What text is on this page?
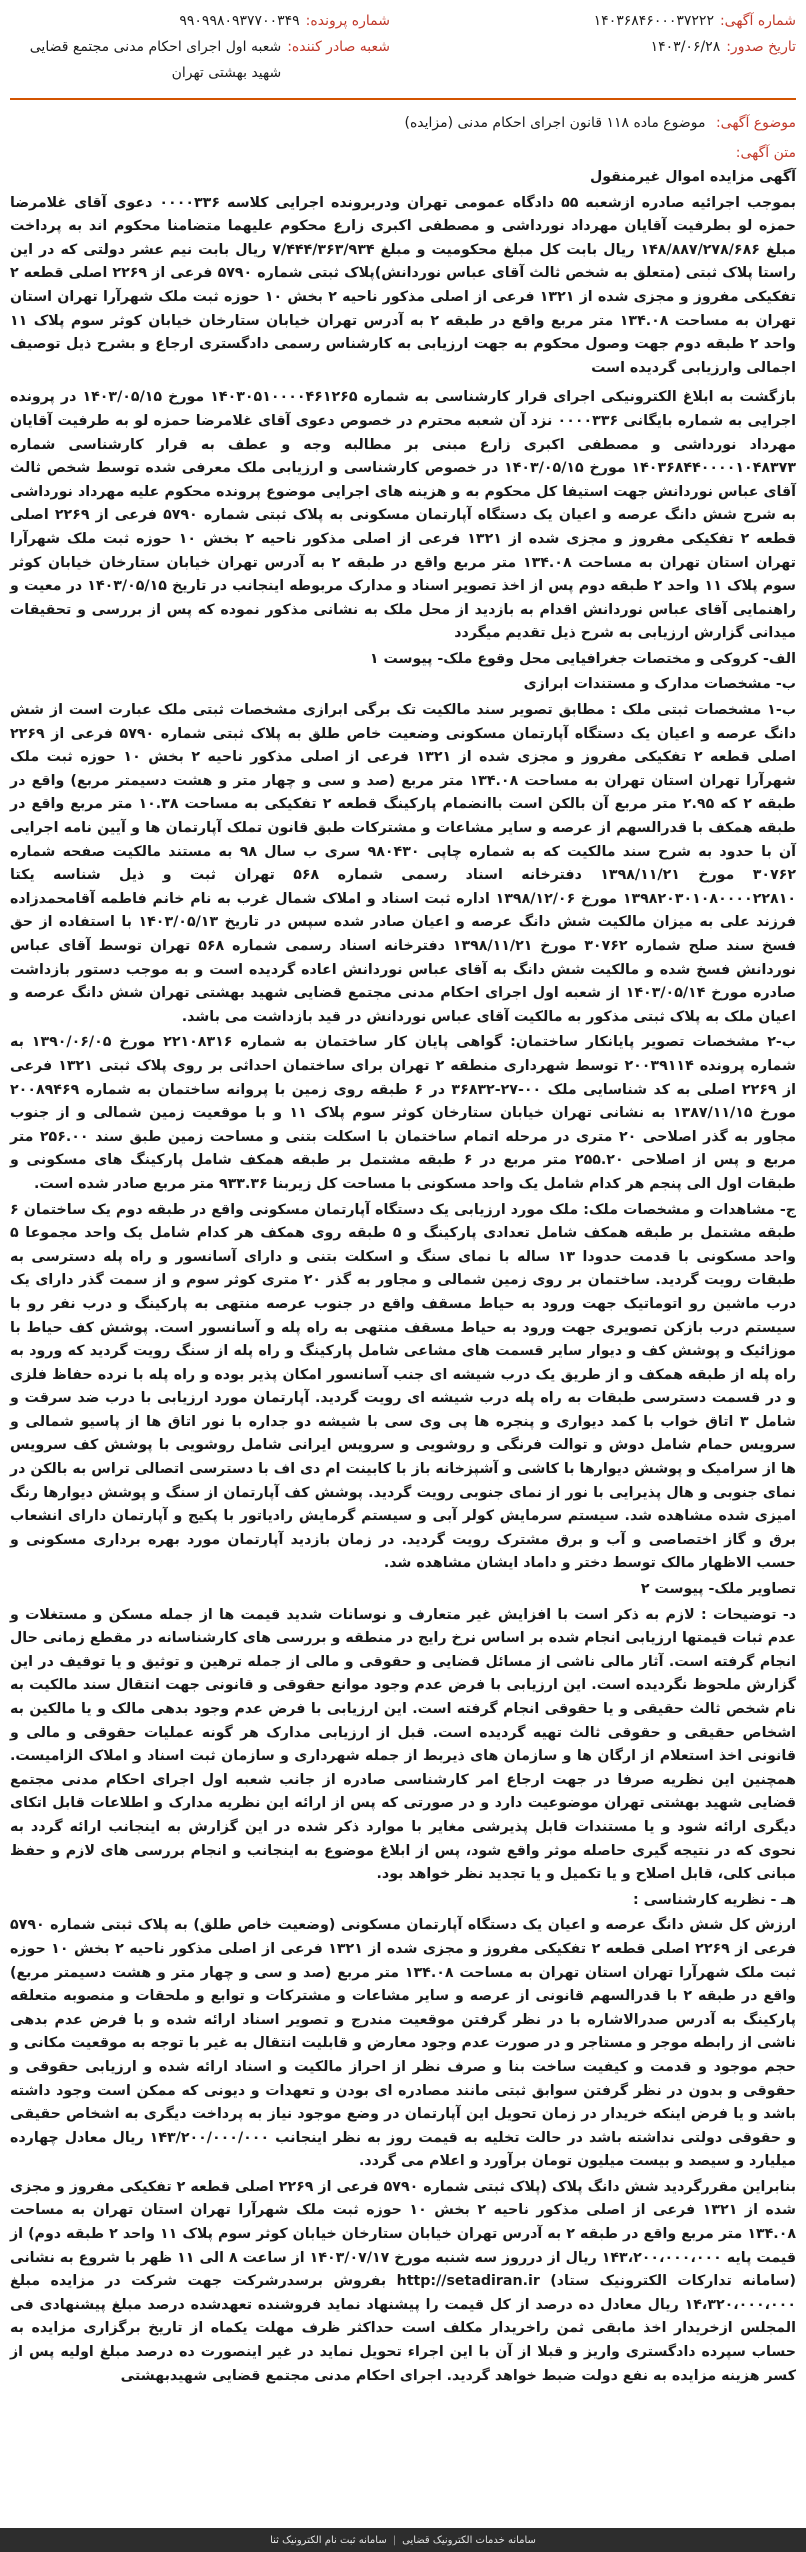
شماره آگهی:
۱۴۰۳۶۸۴۶۰۰۰۳۷۲۲۲
تاریخ صدور:
۱۴۰۳/۰۶/۲۸
شماره پرونده:
۹۹۰۹۹۸۰۹۳۷۷۰۰۳۴۹
شعبه صادر کننده:
شعبه اول اجرای احکام مدنی مجتمع قضایی شهید بهشتی تهران
موضوع آگهی: موضوع ماده ۱۱۸ قانون اجرای احکام مدنی (مزایده)
متن آگهی:

آگهی مزایده اموال غیرمنقول

بموجب اجرائیه صادره ازشعبه ۵۵ دادگاه عمومی تهران ودربرونده اجرایی کلاسه ۰۰۰۰۳۳۶ دعوی آقای غلامرضا حمزه لو بطرفیت آقایان مهرداد نورداشی و مصطفی اکبری زارع محکوم علیهما متضامنا محکوم اند به پرداخت مبلغ ۱۴۸/۸۸۷/۲۷۸/۶۸۶ ریال بابت کل مبلغ محکومیت و مبلغ ۷/۴۴۴/۳۶۳/۹۳۴ ریال بابت نیم عشر دولتی که در این راستا پلاک ثبتی (متعلق به شخص ثالث آقای عباس نوردانش)پلاک ثبتی شماره ۵۷۹۰ فرعی از ۲۲۶۹ اصلی قطعه ۲ تفکیکی مفروز و مجزی شده از ۱۳۲۱ فرعی از اصلی مذکور ناحیه ۲ بخش ۱۰ حوزه ثبت ملک شهرآرا تهران استان تهران به مساحت ۱۳۴.۰۸ متر مربع واقع در طبقه ۲ به آدرس تهران خیابان ستارخان خیابان کوثر سوم پلاک ۱۱ واحد ۲ طبقه دوم جهت وصول محکوم به جهت ارزیابی به کارشناس رسمی دادگستری ارجاع و بشرح ذیل توصیف اجمالی وارزیابی گردیده است

بازگشت به ابلاغ الکترونیکی اجرای قرار کارشناسی به شماره ۱۴۰۳۰۵۱۰۰۰۰۴۶۱۲۶۵ مورخ ۱۴۰۳/۰۵/۱۵ در پرونده اجرایی به شماره بایگانی ۰۰۰۰۳۳۶ نزد آن شعبه محترم در خصوص دعوی آقای غلامرضا حمزه لو به طرفیت آقایان مهرداد نورداشی و مصطفی اکبری زارع مبنی بر مطالبه وجه و عطف به قرار کارشناسی شماره ۱۴۰۳۶۸۴۴۰۰۰۰۱۰۴۸۳۷۳ مورخ ۱۴۰۳/۰۵/۱۵ در خصوص کارشناسی و ارزیابی ملک معرفی شده توسط شخص ثالث آقای عباس نوردانش جهت استیفا کل محکوم به و هزینه های اجرایی موضوع پرونده محکوم علیه مهرداد نورداشی به شرح شش دانگ عرصه و اعیان یک دستگاه آپارتمان مسکونی به پلاک ثبتی شماره ۵۷۹۰ فرعی از ۲۲۶۹ اصلی قطعه ۲ تفکیکی مفروز و مجزی شده از ۱۳۲۱ فرعی از اصلی مذکور ناحیه ۲ بخش ۱۰ حوزه ثبت ملک شهرآرا تهران استان تهران به مساحت ۱۳۴.۰۸ متر مربع واقع در طبقه ۲ به آدرس تهران خیابان ستارخان خیابان کوثر سوم پلاک ۱۱ واحد ۲ طبقه دوم پس از اخذ تصویر اسناد و مدارک مربوطه اینجانب در تاریخ ۱۴۰۳/۰۵/۱۵ در معیت و راهنمایی آقای عباس نوردانش اقدام به بازدید از محل ملک به نشانی مذکور نموده که پس از بررسی و تحقیقات میدانی گزارش ارزیابی به شرح ذیل تقدیم میگردد

الف- کروکی و مختصات جغرافیایی محل وقوع ملک- پیوست ۱

ب- مشخصات مدارک و مستندات ابرازی

ب-۱ مشخصات ثبتی ملک : مطابق تصویر سند مالکیت تک برگی ابرازی مشخصات ثبتی ملک عبارت است از شش دانگ عرصه و اعیان یک دستگاه آپارتمان مسکونی وضعیت خاص طلق به پلاک ثبتی شماره ۵۷۹۰ فرعی از ۲۲۶۹ اصلی قطعه ۲ تفکیکی مفروز و مجزی شده از ۱۳۲۱ فرعی از اصلی مذکور ناحیه ۲ بخش ۱۰ حوزه ثبت ملک شهرآرا تهران استان تهران به مساحت ۱۳۴.۰۸ متر مربع (صد و سی و چهار متر و هشت دسیمتر مربع) واقع در طبقه ۲ که ۲.۹۵ متر مربع آن بالکن است باانضمام پارکینگ قطعه ۲ تفکیکی به مساحت ۱۰.۳۸ متر مربع واقع در طبقه همکف با قدرالسهم از عرصه و سایر مشاعات و مشترکات طبق قانون تملک آپارتمان ها و آیین نامه اجرایی آن با حدود به شرح سند مالکیت که به شماره چاپی ۹۸۰۴۳۰ سری ب سال ۹۸ به مستند مالکیت صفحه شماره ۳۰۷۶۲ مورخ ۱۳۹۸/۱۱/۲۱ دفترخانه اسناد رسمی شماره ۵۶۸ تهران ثبت و ذیل شناسه یکتا ۱۳۹۸۲۰۳۰۱۰۸۰۰۰۰۲۲۸۱۰ مورخ ۱۳۹۸/۱۲/۰۶ اداره ثبت اسناد و املاک شمال غرب به نام خانم فاطمه آقامحمدزاده فرزند علی به میزان مالکیت شش دانگ عرصه و اعیان صادر شده سپس در تاریخ ۱۴۰۳/۰۵/۱۳ با استفاده از حق فسخ سند صلح شماره ۳۰۷۶۲ مورخ ۱۳۹۸/۱۱/۲۱ دفترخانه اسناد رسمی شماره ۵۶۸ تهران توسط آقای عباس نوردانش فسخ شده و مالکیت شش دانگ به آقای عباس نوردانش اعاده گردیده است و به موجب دستور بازداشت صادره مورخ ۱۴۰۳/۰۵/۱۴ از شعبه اول اجرای احکام مدنی مجتمع قضایی شهید بهشتی تهران شش دانگ عرصه و اعیان ملک به پلاک ثبتی مذکور به مالکیت آقای عباس نوردانش در قید بازداشت می باشد.

ب-۲ مشخصات تصویر پایانکار ساختمان: گواهی پایان کار ساختمان به شماره ۲۲۱۰۸۳۱۶ مورخ ۱۳۹۰/۰۶/۰۵ به شماره پرونده ۲۰۰۳۹۱۱۴ توسط شهرداری منطقه ۲ تهران برای ساختمان احداثی بر روی پلاک ثبتی ۱۳۲۱ فرعی از ۲۲۶۹ اصلی به کد شناسایی ملک ۰۰-۲۷-۳۶۸۳۲ در ۶ طبقه روی زمین با پروانه ساختمان به شماره ۲۰۰۸۹۴۶۹ مورخ ۱۳۸۷/۱۱/۱۵ به نشانی تهران خیابان ستارخان کوثر سوم پلاک ۱۱ و با موقعیت زمین شمالی و از جنوب مجاور به گذر اصلاحی ۲۰ متری در مرحله اتمام ساختمان با اسکلت بتنی و مساحت زمین طبق سند ۲۵۶.۰۰ متر مربع و پس از اصلاحی ۲۵۵.۲۰ متر مربع در ۶ طبقه مشتمل بر طبقه همکف شامل پارکینگ های مسکونی و طبقات اول الی پنجم هر کدام شامل یک واحد مسکونی با مساحت کل زیربنا ۹۳۳.۳۶ متر مربع صادر شده است.

ج- مشاهدات و مشخصات ملک: ملک مورد ارزیابی یک دستگاه آپارتمان مسکونی واقع در طبقه دوم یک ساختمان ۶ طبقه مشتمل بر طبقه همکف شامل تعدادی پارکینگ و ۵ طبقه روی همکف هر کدام شامل یک واحد مجموعا ۵ واحد مسکونی با قدمت حدودا ۱۳ ساله با نمای سنگ و اسکلت بتنی و دارای آسانسور و راه پله دسترسی به طبقات رویت گردید. ساختمان بر روی زمین شمالی و مجاور به گذر ۲۰ متری کوثر سوم و از سمت گذر دارای یک درب ماشین رو اتوماتیک جهت ورود به حیاط مسقف واقع در جنوب عرصه منتهی به پارکینگ و درب نفر رو با سیستم درب بازکن تصویری جهت ورود به حیاط مسقف منتهی به راه پله و آسانسور است. پوشش کف حیاط با موزائیک و پوشش کف و دیوار سایر قسمت های مشاعی شامل پارکینگ و راه پله از سنگ رویت گردید که ورود به راه پله از طبقه همکف و از طریق یک درب شیشه ای جنب آسانسور امکان پذیر بوده و راه پله با نرده حفاظ فلزی و در قسمت دسترسی طبقات به راه پله درب شیشه ای رویت گردید. آپارتمان مورد ارزیابی با درب ضد سرقت و شامل ۳ اتاق خواب با کمد دیواری و پنجره ها پی وی سی با شیشه دو جداره با نور اتاق ها از پاسیو شمالی و سرویس حمام شامل دوش و توالت فرنگی و روشویی و سرویس ایرانی شامل روشویی با پوشش کف سرویس ها از سرامیک و پوشش دیوارها با کاشی و آشپزخانه باز با کابینت ام دی اف با دسترسی اتصالی تراس به بالکن در نمای جنوبی و هال پذیرایی با نور از نمای جنوبی رویت گردید. پوشش کف آپارتمان از سنگ و پوشش دیوارها رنگ امیزی شده مشاهده شد. سیستم سرمایش کولر آبی و سیستم گرمایش رادیاتور با پکیج و آپارتمان دارای انشعاب برق و گاز اختصاصی و آب و برق مشترک رویت گردید. در زمان بازدید آپارتمان مورد بهره برداری مسکونی و حسب الاظهار مالک توسط دختر و داماد ایشان مشاهده شد.

تصاویر ملک- پیوست ۲

د- توضیحات : لازم به ذکر است با افزایش غیر متعارف و نوسانات شدید قیمت ها از جمله مسکن و مستغلات و عدم ثبات قیمتها ارزیابی انجام شده بر اساس نرخ رایج در منطقه و بررسی های کارشناسانه در مقطع زمانی حال انجام گرفته است. آثار مالی ناشی از مسائل قضایی و حقوقی و مالی از جمله ترهین و توثیق و یا توقیف در این گزارش ملحوظ نگردیده است. این ارزیابی با فرض عدم وجود موانع حقوقی و قانونی جهت انتقال سند مالکیت به نام شخص ثالث حقیقی و یا حقوقی انجام گرفته است. این ارزیابی با فرض عدم وجود بدهی مالک و یا مالکین به اشخاص حقیقی و حقوقی ثالث تهیه گردیده است. قبل از ارزیابی مدارک هر گونه عملیات حقوقی و مالی و قانونی اخذ استعلام از ارگان ها و سازمان های ذیربط از جمله شهرداری و سازمان ثبت اسناد و املاک الزامیست. همچنین این نظریه صرفا در جهت ارجاع امر کارشناسی صادره از جانب شعبه اول اجرای احکام مدنی مجتمع قضایی شهید بهشتی تهران موضوعیت دارد و در صورتی که پس از ارائه این نظریه مدارک و اطلاعات قابل اتکای دیگری ارائه شود و یا مستندات قابل پذیرشی مغایر با موارد ذکر شده در این گزارش به اینجانب ارائه گردد به نحوی که در نتیجه گیری حاصله موثر واقع شود، پس از ابلاغ موضوع به اینجانب و انجام بررسی های لازم و حفظ مبانی کلی، قابل اصلاح و یا تکمیل و یا تجدید نظر خواهد بود.

هـ - نظریه کارشناسی :

ارزش کل شش دانگ عرصه و اعیان یک دستگاه آپارتمان مسکونی (وضعیت خاص طلق) به پلاک ثبتی شماره ۵۷۹۰ فرعی از ۲۲۶۹ اصلی قطعه ۲ تفکیکی مفروز و مجزی شده از ۱۳۲۱ فرعی از اصلی مذکور ناحیه ۲ بخش ۱۰ حوزه ثبت ملک شهرآرا تهران استان تهران به مساحت ۱۳۴.۰۸ متر مربع (صد و سی و چهار متر و هشت دسیمتر مربع) واقع در طبقه ۲ با قدرالسهم قانونی از عرصه و سایر مشاعات و مشترکات و توابع و ملحقات و منصوبه متعلقه پارکینگ به آدرس صدرالاشاره با در نظر گرفتن موقعیت مندرج و تصویر اسناد ارائه شده و با فرض عدم بدهی ناشی از رابطه موجر و مستاجر و در صورت عدم وجود معارض و قابلیت انتقال به غیر با توجه به موقعیت مکانی و حجم موجود و قدمت و کیفیت ساخت بنا و صرف نظر از احراز مالکیت و اسناد ارائه شده و ارزیابی حقوقی و حقوقی و بدون در نظر گرفتن سوابق ثبتی مانند مصادره ای بودن و تعهدات و دیونی که ممکن است وجود داشته باشد و یا فرض اینکه خریدار در زمان تحویل این آپارتمان در وضع موجود نیاز به پرداخت دیگری به اشخاص حقیقی و حقوقی دولتی نداشته باشد در حالت تخلیه به قیمت روز به نظر اینجانب ۱۴۳/۲۰۰/۰۰۰/۰۰۰ ریال معادل چهارده میلیارد و سیصد و بیست میلیون تومان برآورد و اعلام می گردد.

بنابراین مقررگردید شش دانگ پلاک (پلاک ثبتی شماره ۵۷۹۰ فرعی از ۲۲۶۹ اصلی قطعه ۲ تفکیکی مفروز و مجزی شده از ۱۳۲۱ فرعی از اصلی مذکور ناحیه ۲ بخش ۱۰ حوزه ثبت ملک شهرآرا تهران استان تهران به مساحت ۱۳۴.۰۸ متر مربع واقع در طبقه ۲ به آدرس تهران خیابان ستارخان خیابان کوثر سوم پلاک ۱۱ واحد ۲ طبقه دوم) از قیمت پایه ۱۴۳،۲۰۰،۰۰۰،۰۰۰ ریال از درروز سه شنبه مورخ ۱۴۰۳/۰۷/۱۷ از ساعت ۸ الی ۱۱ ظهر با شروع به نشانی (سامانه تدارکات الکترونیک ستاد) http://setadiran.ir بفروش برسدرشرکت جهت شرکت در مزایده مبلغ ۱۴،۳۲۰،۰۰۰،۰۰۰ ریال معادل ده درصد از کل قیمت را پیشنهاد نماید فروشنده تعهدشده درصد مبلغ پیشنهادی فی المجلس ازخریدار اخذ مابقی ثمن راخریدار مکلف است حداکثر ظرف مهلت یکماه از تاریخ برگزاری مزایده به حساب سپرده دادگستری واریز و قبلا از آن با این اجراء تحویل نماید در غیر اینصورت ده درصد مبلغ اولیه پس از کسر هزینه مزایده به نفع دولت ضبط خواهد گردید. اجرای احکام مدنی مجتمع قضایی شهیدبهشتی

سامانه خدمات الکترونیک قضایی
|
سامانه ثبت نام الکترونیک ثنا
